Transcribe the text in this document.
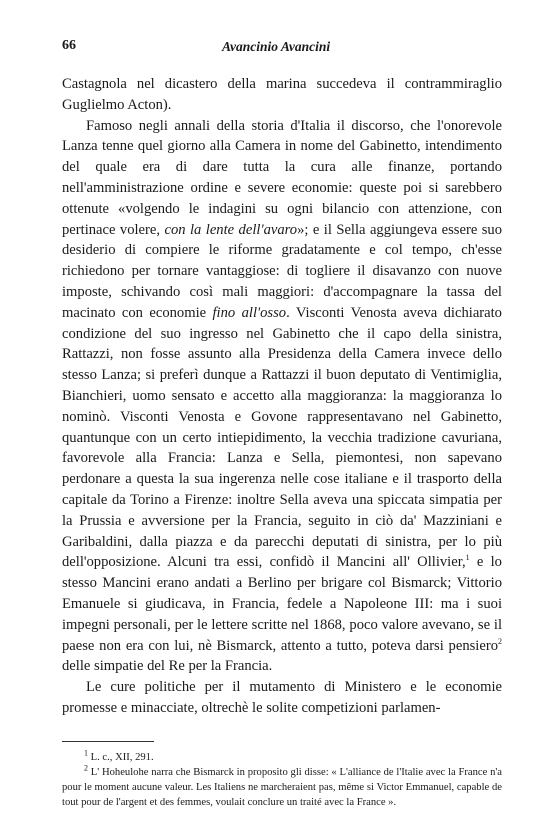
66	Avancinio Avancini

Castagnola nel dicastero della marina succedeva il contrammiraglio Guglielmo Acton).

Famoso negli annali della storia d'Italia il discorso, che l'onorevole Lanza tenne quel giorno alla Camera in nome del Gabinetto, intendimento del quale era di dare tutta la cura alle finanze, portando nell'amministrazione ordine e severe economie: queste poi si sarebbero ottenute «volgendo le indagini su ogni bilancio con attenzione, con pertinace volere, con la lente dell'avaro»; e il Sella aggiungeva essere suo desiderio di compiere le riforme gradatamente e col tempo, ch'esse richiedono per tornare vantaggiose: di togliere il disavanzo con nuove imposte, schivando così mali maggiori: d'accompagnare la tassa del macinato con economie fino all'osso. Visconti Venosta aveva dichiarato condizione del suo ingresso nel Gabinetto che il capo della sinistra, Rattazzi, non fosse assunto alla Presidenza della Camera invece dello stesso Lanza; si preferì dunque a Rattazzi il buon deputato di Ventimiglia, Bianchieri, uomo sensato e accetto alla maggioranza: la maggioranza lo nominò. Visconti Venosta e Govone rappresentavano nel Gabinetto, quantunque con un certo intiepidimento, la vecchia tradizione cavuriana, favorevole alla Francia: Lanza e Sella, piemontesi, non sapevano perdonare a questa la sua ingerenza nelle cose italiane e il trasporto della capitale da Torino a Firenze: inoltre Sella aveva una spiccata simpatia per la Prussia e avversione per la Francia, seguito in ciò da' Mazziniani e Garibaldini, dalla piazza e da parecchi deputati di sinistra, per lo più dell'opposizione. Alcuni tra essi, confidò il Mancini all' Ollivier,$^1$ e lo stesso Mancini erano andati a Berlino per brigare col Bismarck; Vittorio Emanuele si giudicava, in Francia, fedele a Napoleone III: ma i suoi impegni personali, per le lettere scritte nel 1868, poco valore avevano, se il paese non era con lui, nè Bismarck, attento a tutto, poteva darsi pensiero$^2$ delle simpatie del Re per la Francia.

Le cure politiche per il mutamento di Ministero e le economie promesse e minacciate, oltrechè le solite competizioni parlamen-

$^1$ L. c., XII, 291.

$^2$ L' Hoheulohe narra che Bismarck in proposito gli disse: « L'alliance de l'Italie avec la France n'a pour le moment aucune valeur. Les Italiens ne marcheraient pas, même si Victor Emmanuel, capable de tout pour de l'argent et des femmes, voulait conclure un traité avec la France ».
